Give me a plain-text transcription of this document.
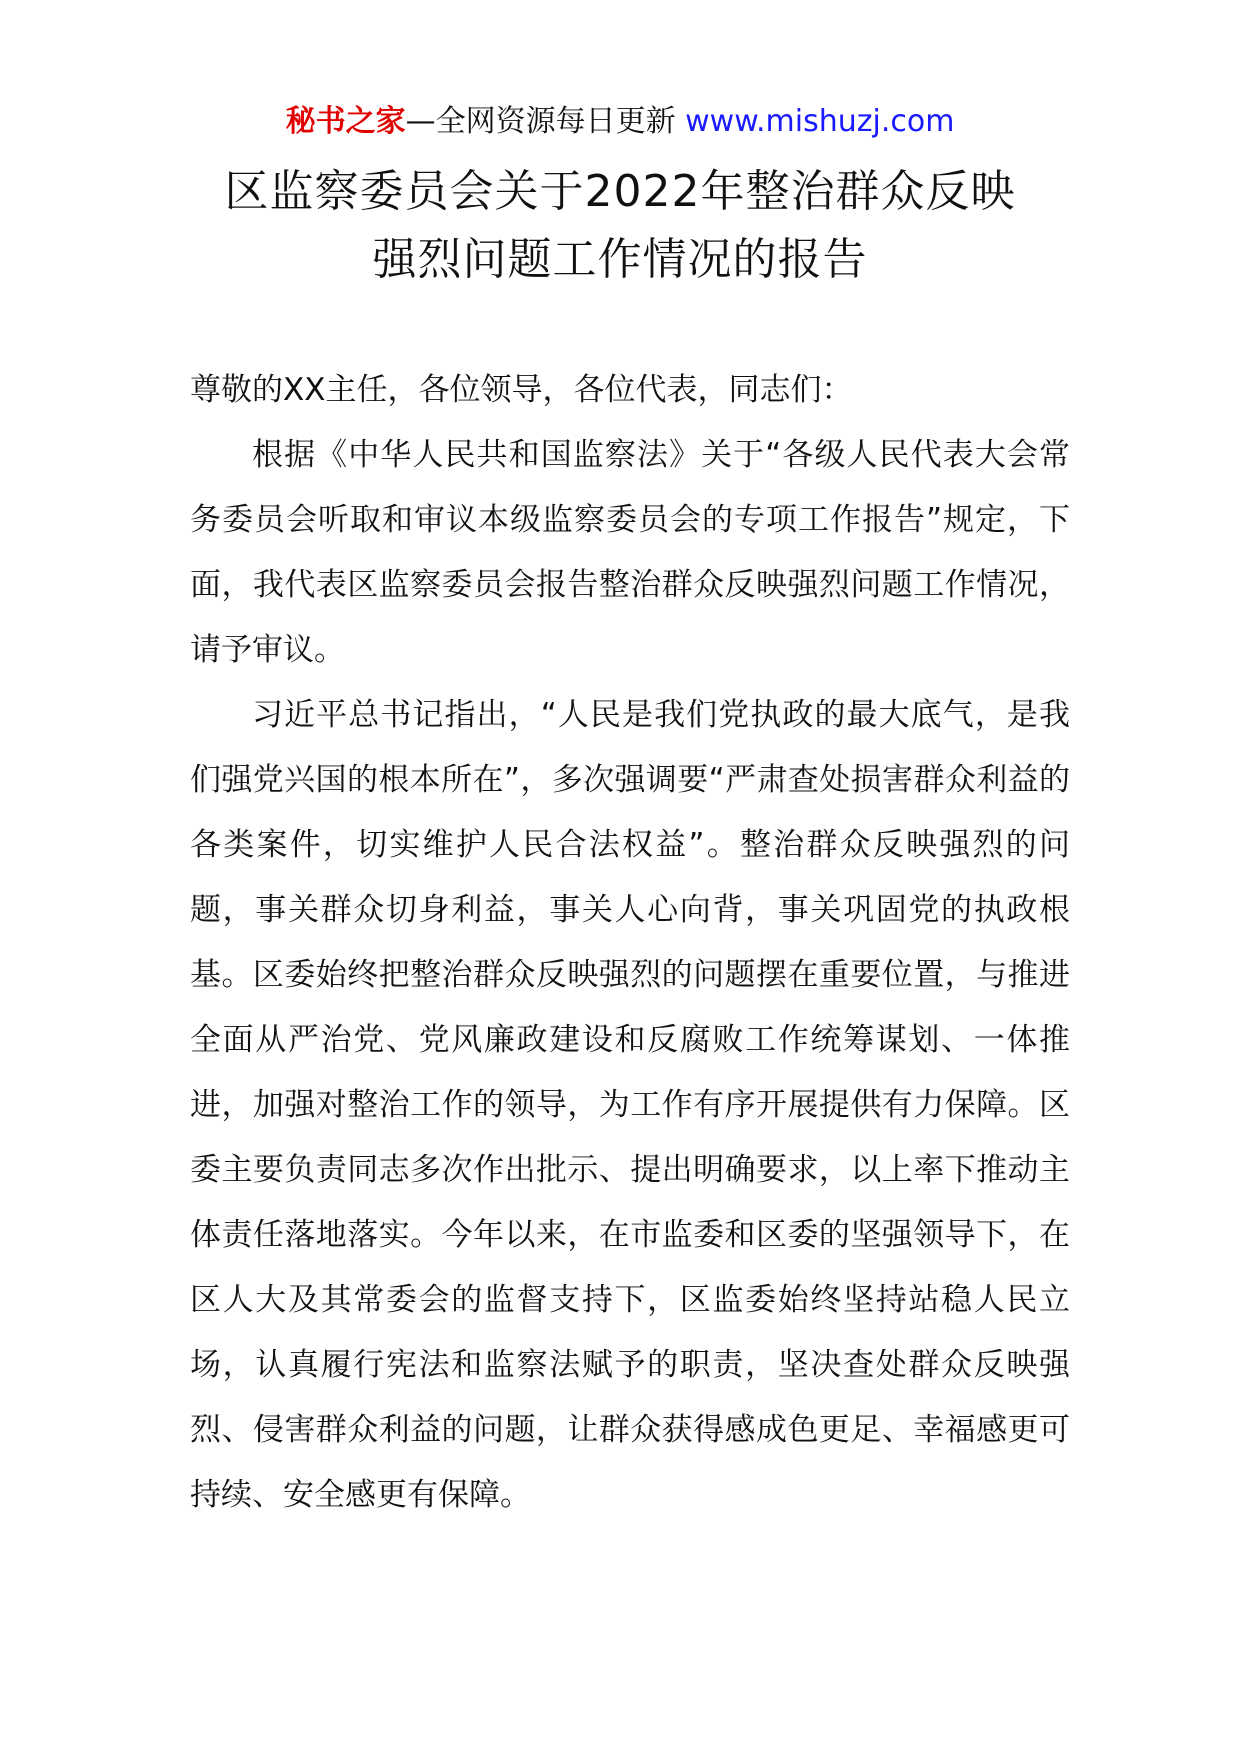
秘书之家—全网资源每日更新 www.mishuzj.com
区监察委员会关于2022年整治群众反映
强烈问题工作情况的报告

尊敬的XX主任，各位领导，各位代表，同志们：

根据《中华人民共和国监察法》关于“各级人民代表大会常务委员会听取和审议本级监察委员会的专项工作报告”规定，下面，我代表区监察委员会报告整治群众反映强烈问题工作情况，请予审议。

习近平总书记指出，“人民是我们党执政的最大底气，是我们强党兴国的根本所在”，多次强调要“严肃查处损害群众利益的各类案件，切实维护人民合法权益”。整治群众反映强烈的问题，事关群众切身利益，事关人心向背，事关巩固党的执政根基。区委始终把整治群众反映强烈的问题摆在重要位置，与推进全面从严治党、党风廉政建设和反腐败工作统筹谋划、一体推进，加强对整治工作的领导，为工作有序开展提供有力保障。区委主要负责同志多次作出批示、提出明确要求，以上率下推动主体责任落地落实。今年以来，在市监委和区委的坚强领导下，在区人大及其常委会的监督支持下，区监委始终坚持站稳人民立场，认真履行宪法和监察法赋予的职责，坚决查处群众反映强烈、侵害群众利益的问题，让群众获得感成色更足、幸福感更可持续、安全感更有保障。
